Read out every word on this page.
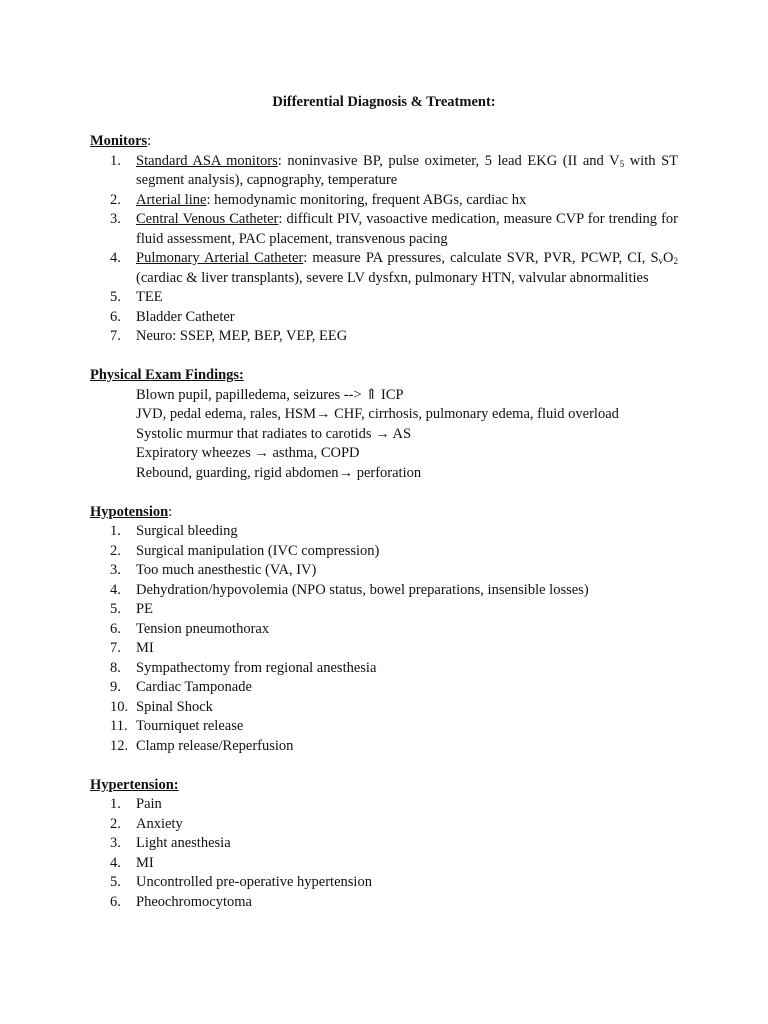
Differential Diagnosis & Treatment:

Monitors:

1.	Standard ASA monitors: noninvasive BP, pulse oximeter, 5 lead EKG (II and $V_5$ with ST segment analysis), capnography, temperature
2.	Arterial line: hemodynamic monitoring, frequent ABGs, cardiac hx
3.	Central Venous Catheter: difficult PIV, vasoactive medication, measure CVP for trending for fluid assessment, PAC placement, transvenous pacing
4.	Pulmonary Arterial Catheter: measure PA pressures, calculate SVR, PVR, PCWP, CI, $S_vO_2$ (cardiac & liver transplants), severe LV dysfxn, pulmonary HTN, valvular abnormalities
5.	TEE
6.	Bladder Catheter
7.	Neuro: SSEP, MEP, BEP, VEP, EEG

Physical Exam Findings:

Blown pupil, papilledema, seizures --> ⇑ ICP
JVD, pedal edema, rales, HSM→ CHF, cirrhosis, pulmonary edema, fluid overload
Systolic murmur that radiates to carotids → AS
Expiratory wheezes → asthma, COPD
Rebound, guarding, rigid abdomen→ perforation

Hypotension:

1.	Surgical bleeding
2.	Surgical manipulation (IVC compression)
3.	Too much anesthestic (VA, IV)
4.	Dehydration/hypovolemia (NPO status, bowel preparations, insensible losses)
5.	PE
6.	Tension pneumothorax
7.	MI
8.	Sympathectomy from regional anesthesia
9.	Cardiac Tamponade
10. Spinal Shock
11. Tourniquet release
12. Clamp release/Reperfusion

Hypertension:

1.	Pain
2.	Anxiety
3.	Light anesthesia
4.	MI
5.	Uncontrolled pre-operative hypertension
6.	Pheochromocytoma
